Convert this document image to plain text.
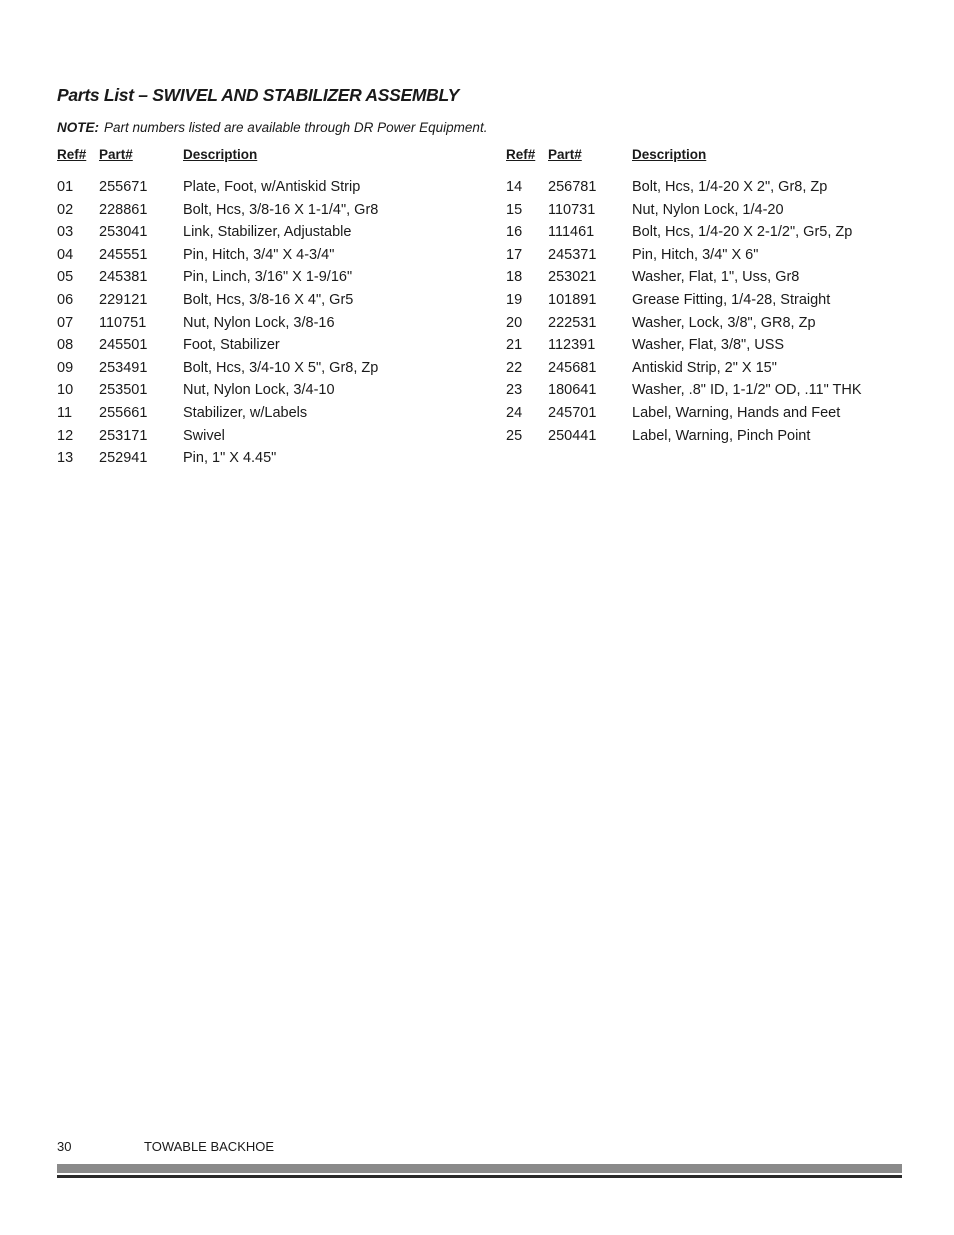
Parts List – SWIVEL AND STABILIZER ASSEMBLY
NOTE: Part numbers listed are available through DR Power Equipment.
Ref# Part#	Description
01	255671	Plate, Foot, w/Antiskid Strip
02	228861	Bolt, Hcs, 3/8-16 X 1-1/4", Gr8
03	253041	Link, Stabilizer, Adjustable
04	245551	Pin, Hitch, 3/4" X 4-3/4"
05	245381	Pin, Linch, 3/16" X 1-9/16"
06	229121	Bolt, Hcs, 3/8-16 X 4", Gr5
07	110751	Nut, Nylon Lock, 3/8-16
08	245501	Foot, Stabilizer
09	253491	Bolt, Hcs, 3/4-10 X 5", Gr8, Zp
10	253501	Nut, Nylon Lock, 3/4-10
11	255661	Stabilizer, w/Labels
12	253171	Swivel
13	252941	Pin, 1" X 4.45"
Ref# Part#	Description
14	256781	Bolt, Hcs, 1/4-20 X 2", Gr8, Zp
15	110731	Nut, Nylon Lock, 1/4-20
16	111461	Bolt, Hcs, 1/4-20 X 2-1/2", Gr5, Zp
17	245371	Pin, Hitch, 3/4" X 6"
18	253021	Washer, Flat, 1", Uss, Gr8
19	101891	Grease Fitting, 1/4-28, Straight
20	222531	Washer, Lock, 3/8", GR8, Zp
21	112391	Washer, Flat, 3/8", USS
22	245681	Antiskid Strip, 2" X 15"
23	180641	Washer, .8" ID, 1-1/2" OD, .11" THK
24	245701	Label, Warning, Hands and Feet
25	250441	Label, Warning, Pinch Point
30	TOWABLE BACKHOE
